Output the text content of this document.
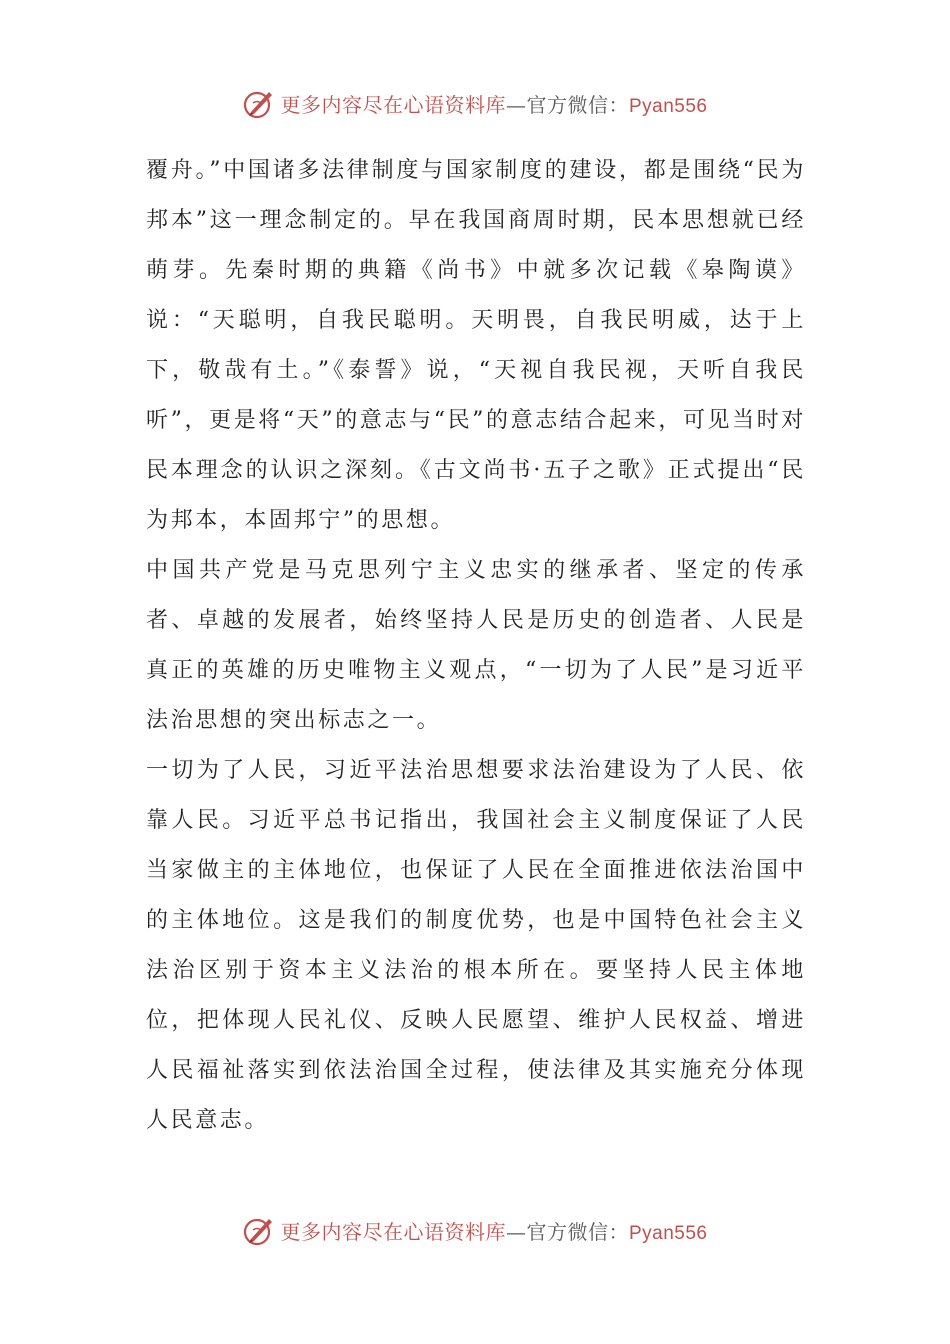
更多内容尽在心语资料库—官方微信：Pyan556

覆舟。”中国诸多法律制度与国家制度的建设，都是围绕“民为邦本”这一理念制定的。早在我国商周时期，民本思想就已经萌芽。先秦时期的典籍《尚书》中就多次记载《皋陶谟》说：“天聪明，自我民聪明。天明畏，自我民明威，达于上下，敬哉有土。”《泰誓》说，“天视自我民视，天听自我民听”，更是将“天”的意志与“民”的意志结合起来，可见当时对民本理念的认识之深刻。《古文尚书·五子之歌》正式提出“民为邦本，本固邦宁”的思想。

中国共产党是马克思列宁主义忠实的继承者、坚定的传承者、卓越的发展者，始终坚持人民是历史的创造者、人民是真正的英雄的历史唯物主义观点，“一切为了人民”是习近平法治思想的突出标志之一。

一切为了人民，习近平法治思想要求法治建设为了人民、依靠人民。习近平总书记指出，我国社会主义制度保证了人民当家做主的主体地位，也保证了人民在全面推进依法治国中的主体地位。这是我们的制度优势，也是中国特色社会主义法治区别于资本主义法治的根本所在。要坚持人民主体地位，把体现人民礼仪、反映人民愿望、维护人民权益、增进人民福祉落实到依法治国全过程，使法律及其实施充分体现人民意志。

更多内容尽在心语资料库—官方微信：Pyan556
